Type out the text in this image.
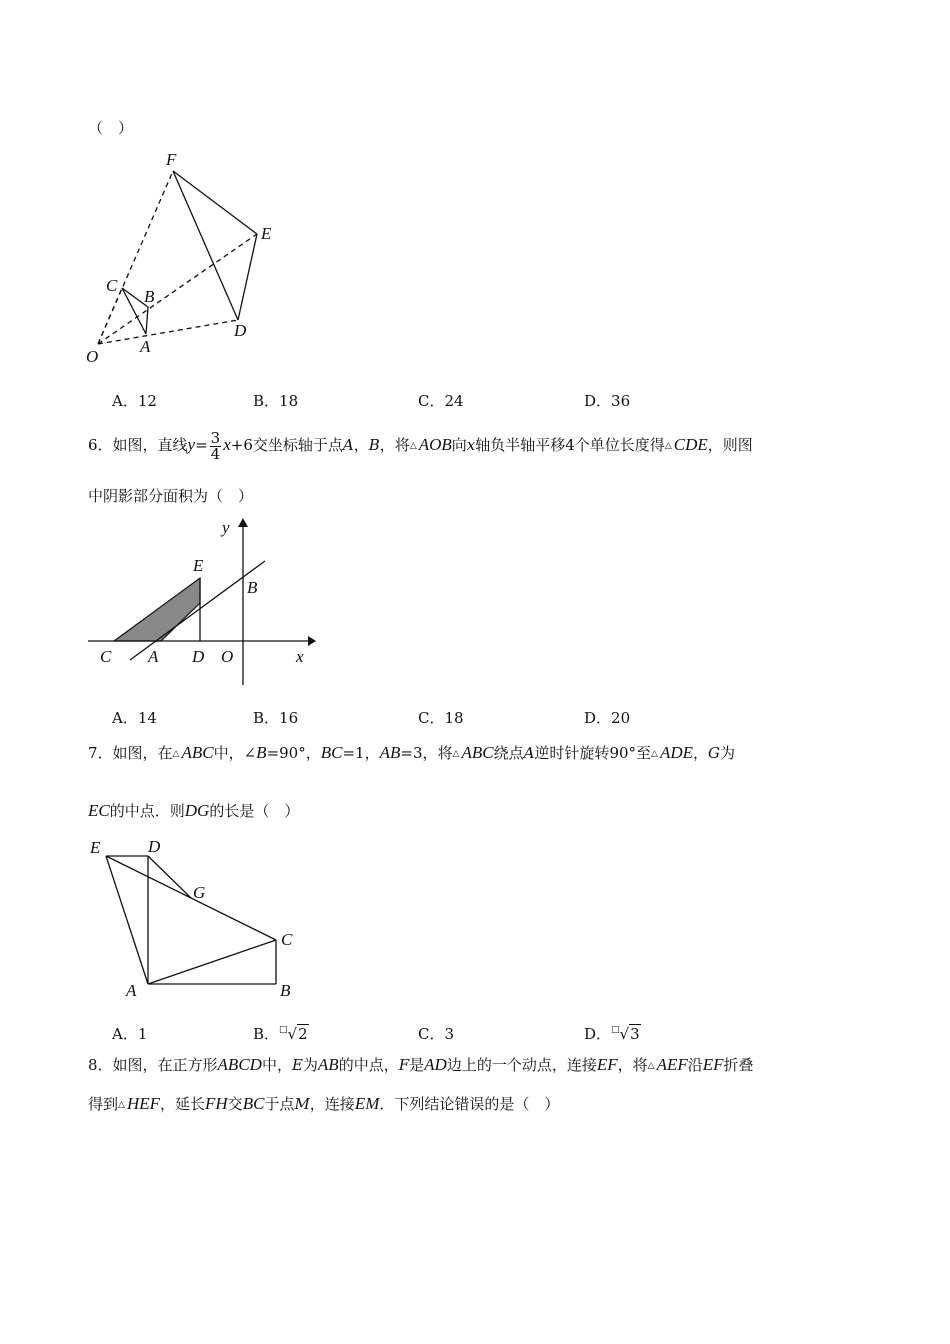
（　）
F
E
C
B
D
O
A
A．12	B．18	C．24	D．36
6．如图，直线$y= \frac{3}{4} x+6$交坐标轴于点A，B，将△ AOB向x轴负半轴平移4个单位长度得△ CDE，则图
中阴影部分面积为（　）
y
E
B
C A D O	x
A．14	B．16	C．18	D．20
7．如图，在△ ABC中，∠B=90°，BC=1，AB=3，将△ ABC绕点A逆时针旋转90°至△ ADE，G为
EC的中点．则DG的长是（　）
E	D
G
C
A	B
A．1	B．□√2	C．3	D．□√3
8．如图，在正方形ABCD中，E为AB的中点，F是AD边上的一个动点，连接EF，将△ AEF沿EF折叠
得到△ HEF，延长FH交BC于点M，连接EM．下列结论错误的是（　）
